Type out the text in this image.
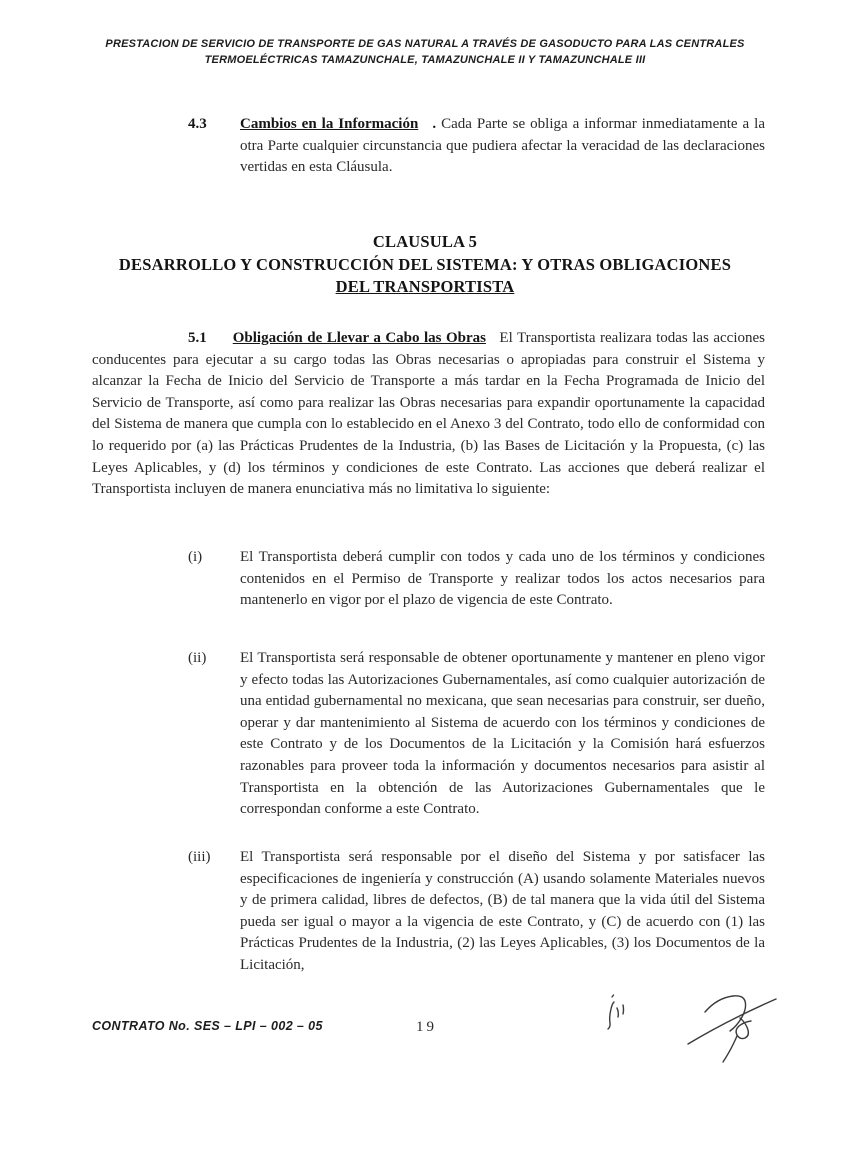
PRESTACION DE SERVICIO DE TRANSPORTE DE GAS NATURAL A TRAVÉS DE GASODUCTO PARA LAS CENTRALES TERMOELÉCTRICAS TAMAZUNCHALE, TAMAZUNCHALE II Y TAMAZUNCHALE III
4.3 Cambios en la Información . Cada Parte se obliga a informar inmediatamente a la otra Parte cualquier circunstancia que pudiera afectar la veracidad de las declaraciones vertidas en esta Cláusula.
CLAUSULA 5
DESARROLLO Y CONSTRUCCIÓN DEL SISTEMA: Y OTRAS OBLIGACIONES
DEL TRANSPORTISTA
5.1 Obligación de Llevar a Cabo las Obras El Transportista realizara todas las acciones conducentes para ejecutar a su cargo todas las Obras necesarias o apropiadas para construir el Sistema y alcanzar la Fecha de Inicio del Servicio de Transporte a más tardar en la Fecha Programada de Inicio del Servicio de Transporte, así como para realizar las Obras necesarias para expandir oportunamente la capacidad del Sistema de manera que cumpla con lo establecido en el Anexo 3 del Contrato, todo ello de conformidad con lo requerido por (a) las Prácticas Prudentes de la Industria, (b) las Bases de Licitación y la Propuesta, (c) las Leyes Aplicables, y (d) los términos y condiciones de este Contrato. Las acciones que deberá realizar el Transportista incluyen de manera enunciativa más no limitativa lo siguiente:
(i)	El Transportista deberá cumplir con todos y cada uno de los términos y condiciones contenidos en el Permiso de Transporte y realizar todos los actos necesarios para mantenerlo en vigor por el plazo de vigencia de este Contrato.
(ii) El Transportista será responsable de obtener oportunamente y mantener en pleno vigor y efecto todas las Autorizaciones Gubernamentales, así como cualquier autorización de una entidad gubernamental no mexicana, que sean necesarias para construir, ser dueño, operar y dar mantenimiento al Sistema de acuerdo con los términos y condiciones de este Contrato y de los Documentos de la Licitación y la Comisión hará esfuerzos razonables para proveer toda la información y documentos necesarios para asistir al Transportista en la obtención de las Autorizaciones Gubernamentales que le correspondan conforme a este Contrato.
(iii) El Transportista será responsable por el diseño del Sistema y por satisfacer las especificaciones de ingeniería y construcción (A) usando solamente Materiales nuevos y de primera calidad, libres de defectos, (B) de tal manera que la vida útil del Sistema pueda ser igual o mayor a la vigencia de este Contrato, y (C) de acuerdo con (1) las Prácticas Prudentes de la Industria, (2) las Leyes Aplicables, (3) los Documentos de la Licitación,
CONTRATO No. SES – LPI – 002 – 05	19
